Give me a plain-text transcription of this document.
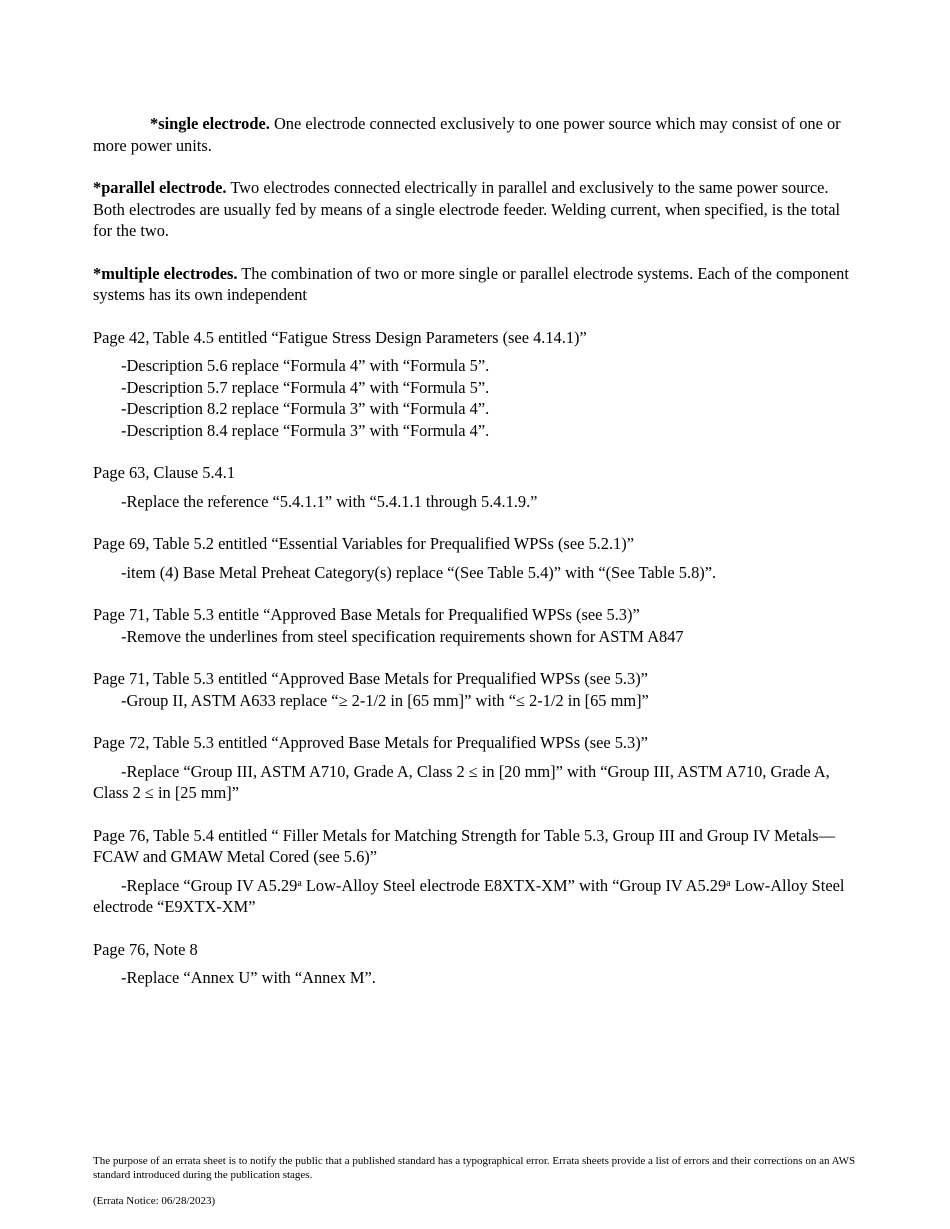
*single electrode. One electrode connected exclusively to one power source which may consist of one or more power units.

*parallel electrode. Two electrodes connected electrically in parallel and exclusively to the same power source. Both electrodes are usually fed by means of a single electrode feeder. Welding current, when specified, is the total for the two.

*multiple electrodes. The combination of two or more single or parallel electrode systems. Each of the component systems has its own independent

Page 42, Table 4.5 entitled “Fatigue Stress Design Parameters (see 4.14.1)”

-Description 5.6 replace “Formula 4” with “Formula 5”.

-Description 5.7 replace “Formula 4” with “Formula 5”.

-Description 8.2 replace “Formula 3” with “Formula 4”.

-Description 8.4 replace “Formula 3” with “Formula 4”.

Page 63, Clause 5.4.1

-Replace the reference “5.4.1.1” with “5.4.1.1 through 5.4.1.9.”

Page 69, Table 5.2 entitled “Essential Variables for Prequalified WPSs (see 5.2.1)”

-item (4) Base Metal Preheat Category(s) replace “(See Table 5.4)” with “(See Table 5.8)”.

Page 71, Table 5.3 entitle “Approved Base Metals for Prequalified WPSs (see 5.3)”

-Remove the underlines from steel specification requirements shown for ASTM A847

Page 71, Table 5.3 entitled “Approved Base Metals for Prequalified WPSs (see 5.3)”

-Group II, ASTM A633 replace “≥ 2-1/2 in [65 mm]” with “≤ 2-1/2 in [65 mm]”

Page 72, Table 5.3 entitled “Approved Base Metals for Prequalified WPSs (see 5.3)”

-Replace “Group III, ASTM A710, Grade A, Class 2 ≤ in [20 mm]” with “Group III, ASTM A710, Grade A, Class 2 ≤ in [25 mm]”

Page 76, Table 5.4 entitled “ Filler Metals for Matching Strength for Table 5.3, Group III and Group IV Metals—FCAW and GMAW Metal Cored (see 5.6)”

-Replace “Group IV A5.29$^a$ Low-Alloy Steel electrode E8XTX-XM” with “Group IV A5.29$^a$ Low-Alloy Steel electrode “E9XTX-XM”

Page 76, Note 8

-Replace “Annex U” with “Annex M”.

The purpose of an errata sheet is to notify the public that a published standard has a typographical error. Errata sheets provide a list of errors and their corrections on an AWS standard introduced during the publication stages.

(Errata Notice: 06/28/2023)
